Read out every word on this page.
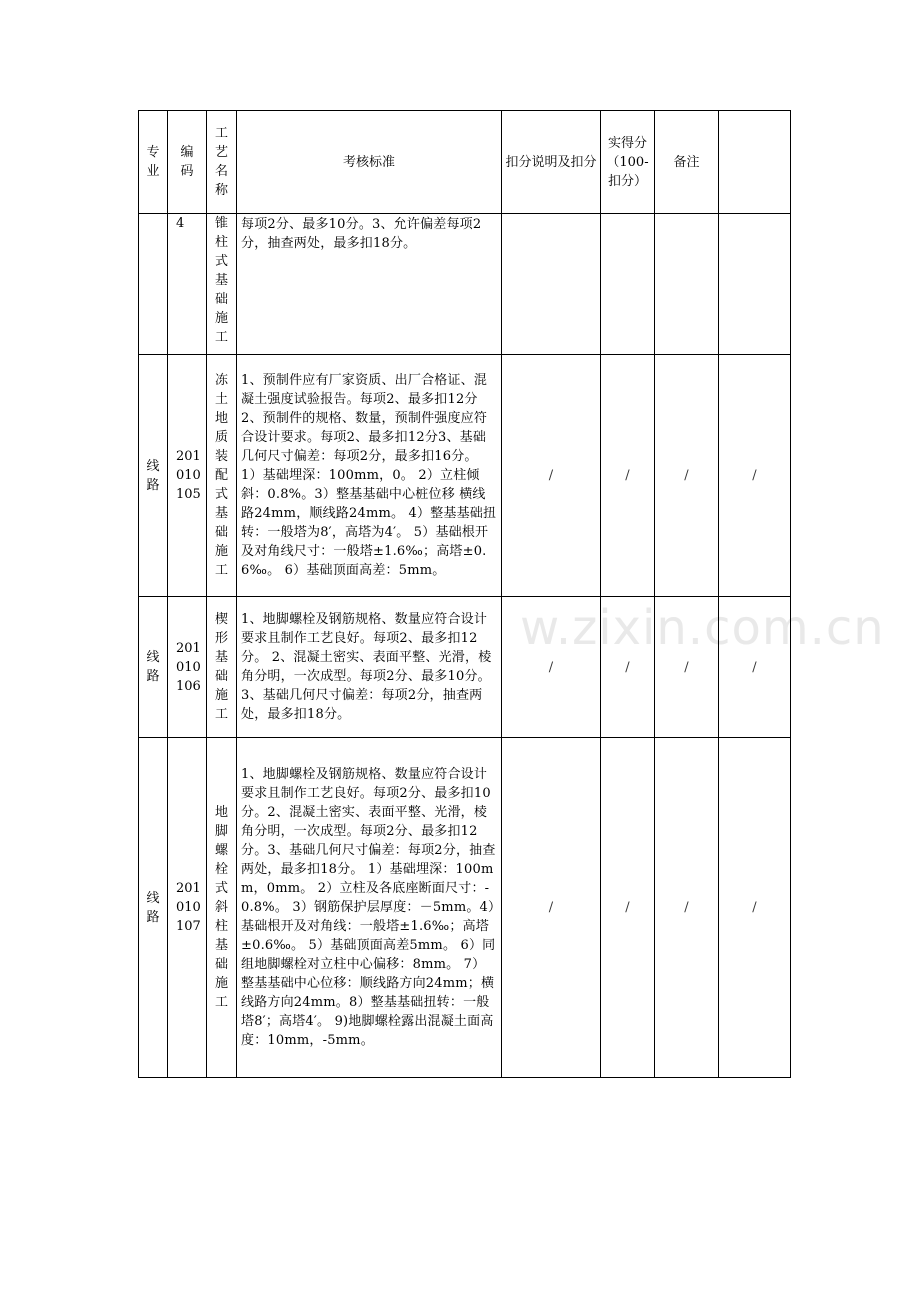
w.zixin.com.cn
专业	编码	工艺名称	考核标准	扣分说明及扣分	实得分（100-扣分）	备注	
	4	锥柱式基础施工	每项2分、最多10分。3、允许偏差每项2分，抽查两处，最多扣18分。				

线路	201010105	冻土地质装配式基础施工	1、预制件应有厂家资质、出厂合格证、混凝土强度试验报告。每项2、最多扣12分2、预制件的规格、数量，预制件强度应符合设计要求。每项2、最多扣12分3、基础几何尺寸偏差：每项2分，最多扣16分。 1）基础埋深：100mm，0。 2）立柱倾斜：0.8%。3）整基基础中心桩位移 横线路24mm，顺线路24mm。 4）整基基础扭转：一般塔为8′，高塔为4′。 5）基础根开及对角线尺寸：一般塔±1.6‰；高塔±0.6‰。 6）基础顶面高差：5mm。	/	/	/	/

线路	201010106	楔形基础施工	1、地脚螺栓及钢筋规格、数量应符合设计要求且制作工艺良好。每项2、最多扣12分。 2、混凝土密实、表面平整、光滑，棱角分明，一次成型。每项2分、最多10分。 3、基础几何尺寸偏差：每项2分，抽查两处，最多扣18分。	/	/	/	/

线路	201010107	地脚螺栓式斜柱基础施工	1、地脚螺栓及钢筋规格、数量应符合设计要求且制作工艺良好。每项2分、最多扣10分。2、混凝土密实、表面平整、光滑，棱角分明，一次成型。每项2分、最多扣12分。3、基础几何尺寸偏差：每项2分，抽查两处，最多扣18分。 1）基础埋深：100mm，0mm。 2）立柱及各底座断面尺寸：-0.8%。 3）钢筋保护层厚度：－5mm。4）基础根开及对角线：一般塔±1.6‰；高塔±0.6‰。 5）基础顶面高差5mm。 6）同组地脚螺栓对立柱中心偏移：8mm。 7）整基基础中心位移：顺线路方向24mm；横线路方向24mm。8）整基基础扭转：一般塔8′；高塔4′。 9)地脚螺栓露出混凝土面高度：10mm，-5mm。	/	/	/	/
